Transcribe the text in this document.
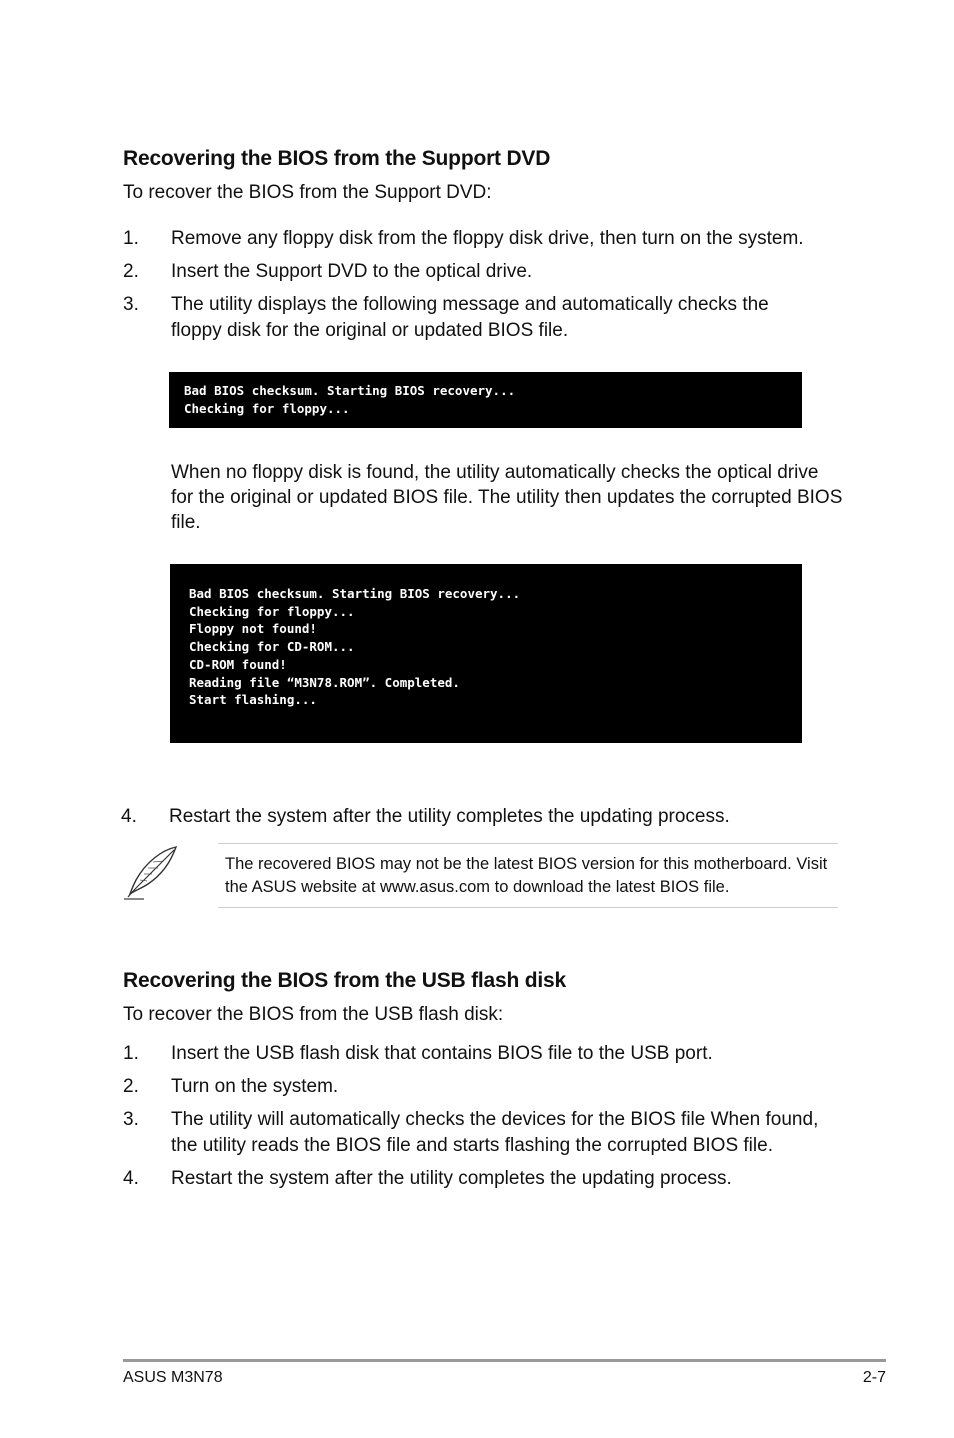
Recovering the BIOS from the Support DVD
To recover the BIOS from the Support DVD:
1. Remove any floppy disk from the floppy disk drive, then turn on the system.
2. Insert the Support DVD to the optical drive.
3. The utility displays the following message and automatically checks the floppy disk for the original or updated BIOS file.
Bad BIOS checksum. Starting BIOS recovery...
Checking for floppy...
When no floppy disk is found, the utility automatically checks the optical drive for the original or updated BIOS file. The utility then updates the corrupted BIOS file.
Bad BIOS checksum. Starting BIOS recovery...
Checking for floppy...
Floppy not found!
Checking for CD-ROM...
CD-ROM found!
Reading file “M3N78.ROM”. Completed.
Start flashing...
4. Restart the system after the utility completes the updating process.
The recovered BIOS may not be the latest BIOS version for this motherboard. Visit the ASUS website at www.asus.com to download the latest BIOS file.
Recovering the BIOS from the USB flash disk
To recover the BIOS from the USB flash disk:
1. Insert the USB flash disk that contains BIOS file to the USB port.
2. Turn on the system.
3. The utility will automatically checks the devices for the BIOS file When found, the utility reads the BIOS file and starts flashing the corrupted BIOS file.
4. Restart the system after the utility completes the updating process.
ASUS M3N78	2-7
